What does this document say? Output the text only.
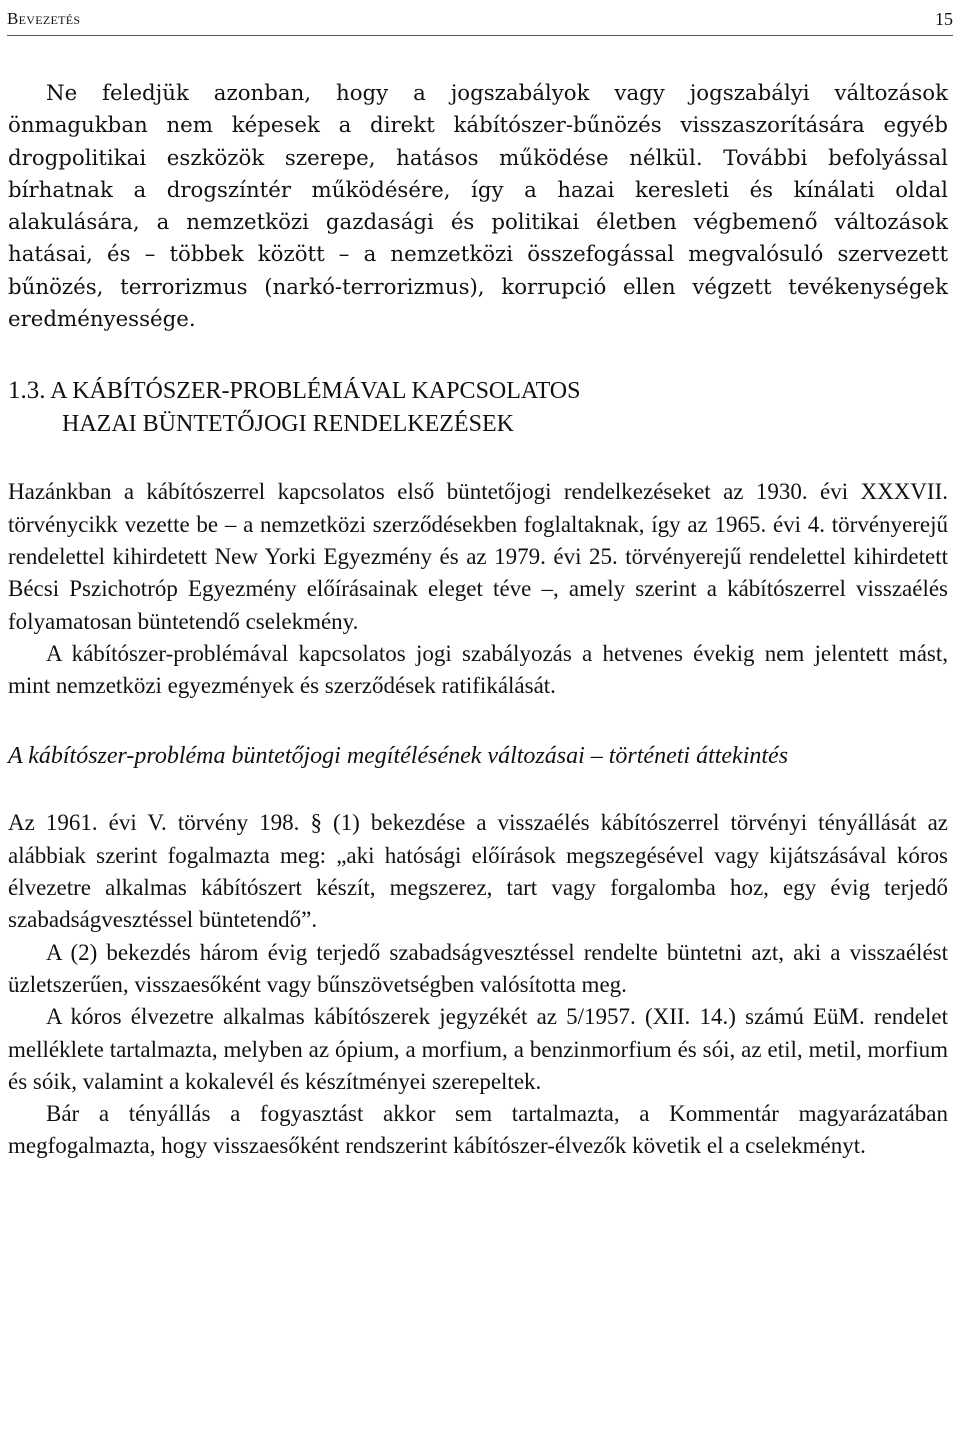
Bevezetés	15

Ne feledjük azonban, hogy a jogszabályok vagy jogszabályi változások önmagukban nem képesek a direkt kábítószer-bűnözés visszaszorítására egyéb drogpolitikai eszközök szerepe, hatásos működése nélkül. További befolyással bírhatnak a drogszíntér működésére, így a hazai keresleti és kínálati oldal alakulására, a nemzetközi gazdasági és politikai életben végbemenő változások hatásai, és – többek között – a nemzetközi összefogással megvalósuló szervezett bűnözés, terrorizmus (narkó-terrorizmus), korrupció ellen végzett tevékenységek eredményessége.

1.3. A KÁBÍTÓSZER-PROBLÉMÁVAL KAPCSOLATOS
HAZAI BÜNTETŐJOGI RENDELKEZÉSEK

Hazánkban a kábítószerrel kapcsolatos első büntetőjogi rendelkezéseket az 1930. évi XXXVII. törvénycikk vezette be – a nemzetközi szerződésekben foglaltaknak, így az 1965. évi 4. törvényerejű rendelettel kihirdetett New Yorki Egyezmény és az 1979. évi 25. törvényerejű rendelettel kihirdetett Bécsi Pszichotróp Egyezmény előírásainak eleget téve –, amely szerint a kábítószerrel visszaélés folyamatosan büntetendő cselekmény.

A kábítószer-problémával kapcsolatos jogi szabályozás a hetvenes évekig nem jelentett mást, mint nemzetközi egyezmények és szerződések ratifikálását.

A kábítószer-probléma büntetőjogi megítélésének változásai – történeti áttekintés

Az 1961. évi V. törvény 198. § (1) bekezdése a visszaélés kábítószerrel törvényi tényállását az alábbiak szerint fogalmazta meg: „aki hatósági előírások megszegésével vagy kijátszásával kóros élvezetre alkalmas kábítószert készít, megszerez, tart vagy forgalomba hoz, egy évig terjedő szabadságvesztéssel büntetendő”.

A (2) bekezdés három évig terjedő szabadságvesztéssel rendelte büntetni azt, aki a visszaélést üzletszerűen, visszaesőként vagy bűnszövetségben valósította meg.

A kóros élvezetre alkalmas kábítószerek jegyzékét az 5/1957. (XII. 14.) számú EüM. rendelet melléklete tartalmazta, melyben az ópium, a morfium, a benzinmorfium és sói, az etil, metil, morfium és sóik, valamint a kokalevél és készítményei szerepeltek.

Bár a tényállás a fogyasztást akkor sem tartalmazta, a Kommentár magyarázatában megfogalmazta, hogy visszaesőként rendszerint kábítószer-élvezők követik el a cselekményt.
